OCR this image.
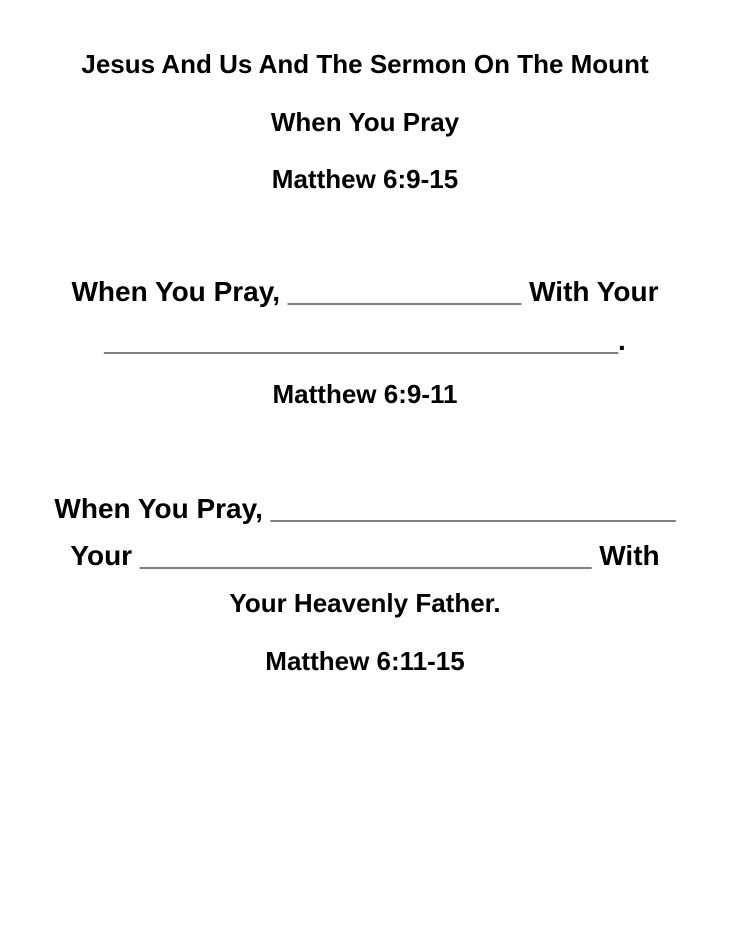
Jesus And Us And The Sermon On The Mount
When You Pray
Matthew 6:9-15
When You Pray, _______________ With Your
_________________________________.
Matthew 6:9-11
When You Pray, __________________________
Your _____________________________ With
Your Heavenly Father.
Matthew 6:11-15
